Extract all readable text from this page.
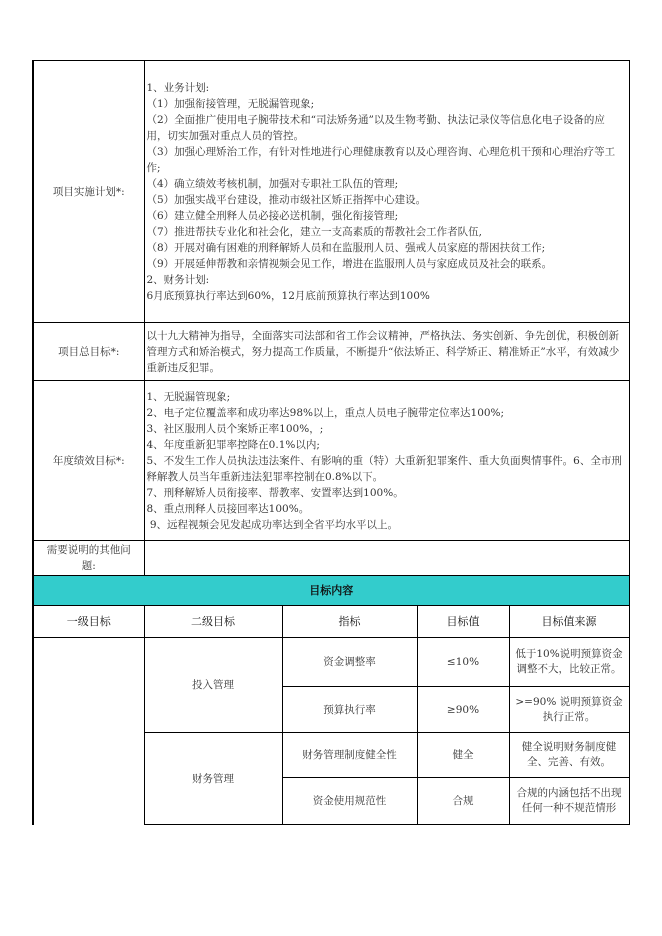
项目实施计划*:	
1、业务计划:
（1）加强衔接管理，无脱漏管现象;
（2）全面推广使用电子腕带技术和“司法矫务通”以及生物考勤、执法记录仪等信息化电子设备的应用，切实加强对重点人员的管控。
（3）加强心理矫治工作，有针对性地进行心理健康教育以及心理咨询、心理危机干预和心理治疗等工作;
（4）确立绩效考核机制，加强对专职社工队伍的管理;
（5）加强实战平台建设，推动市级社区矫正指挥中心建设。
（6）建立健全刑释人员必接必送机制，强化衔接管理;
（7）推进帮扶专业化和社会化，建立一支高素质的帮教社会工作者队伍,
（8）开展对确有困难的刑释解矫人员和在监服刑人员、强戒人员家庭的帮困扶贫工作;
（9）开展延伸帮教和亲情视频会见工作，增进在监服刑人员与家庭成员及社会的联系。
2、财务计划:
6月底预算执行率达到60%，12月底前预算执行率达到100%

项目总目标*:	以十九大精神为指导，全面落实司法部和省工作会议精神，严格执法、务实创新、争先创优，积极创新管理方式和矫治模式，努力提高工作质量，不断提升“依法矫正、科学矫正、精准矫正”水平，有效减少重新违反犯罪。			
年度绩效目标*:	
1、无脱漏管现象;
2、电子定位覆盖率和成功率达98%以上，重点人员电子腕带定位率达100%;
3、社区服刑人员个案矫正率100%，;
4、年度重新犯罪率控降在0.1%以内;
5、不发生工作人员执法违法案件、有影响的重（特）大重新犯罪案件、重大负面舆情事件。6、全市刑释解教人员当年重新违法犯罪率控制在0.8%以下。
7、刑释解矫人员衔接率、帮教率、安置率达到100%。
8、重点刑释人员接回率达100%。
9、远程视频会见发起成功率达到全省平均水平以上。

需要说明的其他问题:				
目标内容				
一级目标	二级目标	指标	目标值	目标值来源
	投入管理	资金调整率	≤10%	低于10%说明预算资金调整不大，比较正常。
		预算执行率	≥90%	>=90% 说明预算资金执行正常。
	财务管理	财务管理制度健全性	健全	健全说明财务制度健全、完善、有效。
		资金使用规范性	合规	合规的内涵包括不出现任何一种不规范情形
